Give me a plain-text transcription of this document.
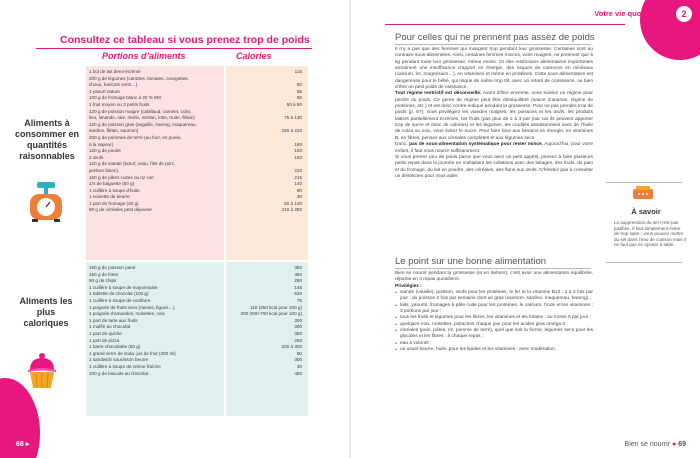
Consultez ce tableau si vous prenez trop de poids
Portions d’aliments	Calories
1 bol de lait demi-écrémé	115
200 g de légumes (carottes, tomates, courgettes,
choux, haricots verts…)	60
1 yaourt nature	65
100 g de fromage blanc à 20 % MG	80
1 fruit moyen ou 2 petits fruits	50 à 80
120 g de poisson maigre (cabillaud, carrelet, colin,
lieu, limande, raie, merlu, merlan, lotte, truite, flétan)	75 à 130
120 g de poisson gras (anguille, hareng, maquereau,
sardine, flétan, saumon)	150 à 220
200 g de pommes de terre (au four, en purée,
à la vapeur)	180
120 g de poulet	150
2 œufs	150
120 g de viande (bœuf, veau, filet de porc,
jambon blanc)	220
160 g de pâtes cuites ou riz cuit	215
1/4 de baguette (50 g)	140
1 cuillère à soupe d’huile	90
1 noisette de beurre	30
1 part de fromage (30 g)	80 à 120
60 g de céréales petit déjeuner	210 à 250
150 g de poisson pané	350
150 g de frites	350
50 g de chips	250
1 cuillère à soupe de mayonnaise	145
1 tablette de chocolat (100 g)	530
1 cuillère à soupe de confiture	75
1 poignée de fruits secs (raisins, figues…)	110 (250 kcal pour 100 g)
1 poignée d’amandes, noisettes, noix	200 (600-700 kcal pour 100 g)
1 part de tarte aux fruits	300
1 muffin au chocolat	300
1 part de quiche	350
1 part de pizza	260
1 barre chocolatée (50 g)	200 à 300
1 grand verre de soda, jus de fruit (200 ml)	90
1 sandwich saucisson beurre	300
1 cuillère à soupe de crème fraîche	30
100 g de biscuits au chocolat	450
Aliments à consommer en quantités raisonnables
Aliments les plus caloriques
68 ▸
Votre vie quotidienne	2
Pour celles qui ne prennent pas assez de poids

Il n’y a pas que des femmes qui mangent trop pendant leur grossesse. Certaines sont au contraire sous-alimentées. Ainsi, certaines femmes minces, voire maigres, ne prennent que 6 kg pendant toute leur grossesse, même moins. Or des restrictions alimentaires importantes entraînent une insuffisance d’apport en énergie, des risques de carences en minéraux (calcium, fer, magnésium…), en vitamines et même en protéines. Cette sous-alimentation est dangereuse pour le bébé, qui risque de naître trop tôt, avec un retard de croissance, ou bien d’être un petit poids de naissance.

Tout régime restrictif est déconseillé. Avant d’être enceinte, vous suiviez un régime pour perdre du poids. Ce genre de régime peut être déséquilibré (sauce d’ananas, régime de protéines, etc.) et est donc contre-indiqué pendant la grossesse. Pour ne pas prendre trop de poids (p. 67), vous privilégiez les viandes maigres, les poissons et les œufs, les produits laitiers partiellement écrémés, les fruits (pas plus de 2 à 3 par jour car ils peuvent apporter trop de sucre et donc de calories) et les légumes, les crudités assaisonnées avec de l’huile de colza ou noix, vous évitez le sucre. Pour faire face aux besoins en énergie, en vitamines B, en fibres, pensez aux céréales complètes et aux légumes secs.

Donc, pas de sous-alimentation systématique pour rester mince. Aujourd’hui, pour votre enfant, il faut vous nourrir suffisamment.

Si vous prenez peu de poids parce que vous avez un petit appétit, pensez à faire plusieurs petits repas dans la journée en multipliant les collations avec des laitages, des fruits, du pain et du fromage, du lait en poudre, des céréales, des flans aux œufs. N’hésitez pas à consulter un diététicien pour vous aider.

Le point sur une bonne alimentation

Bien se nourrir pendant la grossesse (et en dehors), c’est avoir une alimentation équilibrée, répartie en 4 repas quotidiens.

Privilégiez :

• viande (volaille), poisson, œufs pour les protéines, le fer et la vitamine B12 ; 1 à 2 fois par jour ; du poisson 2 fois par semaine dont un gras (saumon, sardine, maquereau, hareng) ;
• laits, yaourts, fromages à pâte cuite pour les protéines, le calcium, l’iode et les vitamines ; 3 portions par jour ;
• tous les fruits et légumes pour les fibres, les vitamines et les folates ; au moins 5 par jour ;
• quelques noix, noisettes, pistaches chaque jour pour les acides gras oméga 3 ;
• céréales (pain, pâtes, riz, pomme de terre), quel que soit la forme, légumes secs pour les glucides et les fibres : à chaque repas ;
• eau à volonté ;
• un usuel beurre, huile, pour les lipides et les vitamines ; avec modération.
À savoir
La suppression du sel n’est pas justifiée. Il faut simplement éviter de trop saler : vous pouvez mettre du sel dans l’eau de cuisson mais il ne faut pas en ajouter à table.
Bien se nourrir ● 69
